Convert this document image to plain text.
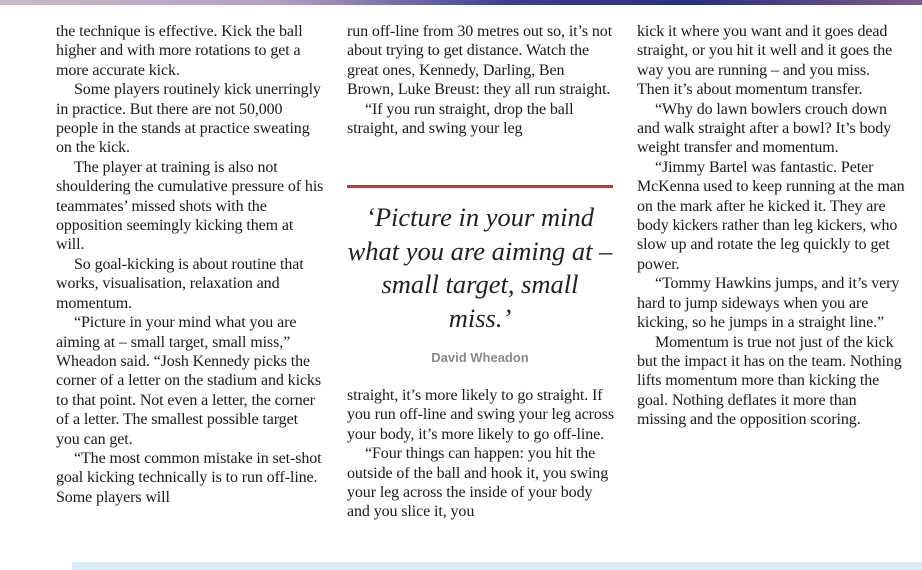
the technique is effective. Kick the ball higher and with more rotations to get a more accurate kick.

Some players routinely kick unerringly in practice. But there are not 50,000 people in the stands at practice sweating on the kick.

The player at training is also not shouldering the cumulative pressure of his teammates’ missed shots with the opposition seemingly kicking them at will.

So goal-kicking is about routine that works, visualisation, relaxation and momentum.

“Picture in your mind what you are aiming at – small target, small miss,” Wheadon said. “Josh Kennedy picks the corner of a letter on the stadium and kicks to that point. Not even a letter, the corner of a letter. The smallest possible target you can get.

“The most common mistake in set-shot goal kicking technically is to run off-line. Some players will

run off-line from 30 metres out so, it’s not about trying to get distance. Watch the great ones, Kennedy, Darling, Ben Brown, Luke Breust: they all run straight.

“If you run straight, drop the ball straight, and swing your leg

‘Picture in your mind what you are aiming at – small target, small miss.’
David Wheadon

straight, it’s more likely to go straight. If you run off-line and swing your leg across your body, it’s more likely to go off-line.

“Four things can happen: you hit the outside of the ball and hook it, you swing your leg across the inside of your body and you slice it, you

kick it where you want and it goes dead straight, or you hit it well and it goes the way you are running – and you miss. Then it’s about momentum transfer.

“Why do lawn bowlers crouch down and walk straight after a bowl? It’s body weight transfer and momentum.

“Jimmy Bartel was fantastic. Peter McKenna used to keep running at the man on the mark after he kicked it. They are body kickers rather than leg kickers, who slow up and rotate the leg quickly to get power.

“Tommy Hawkins jumps, and it’s very hard to jump sideways when you are kicking, so he jumps in a straight line.”

Momentum is true not just of the kick but the impact it has on the team. Nothing lifts momentum more than kicking the goal. Nothing deflates it more than missing and the opposition scoring.
